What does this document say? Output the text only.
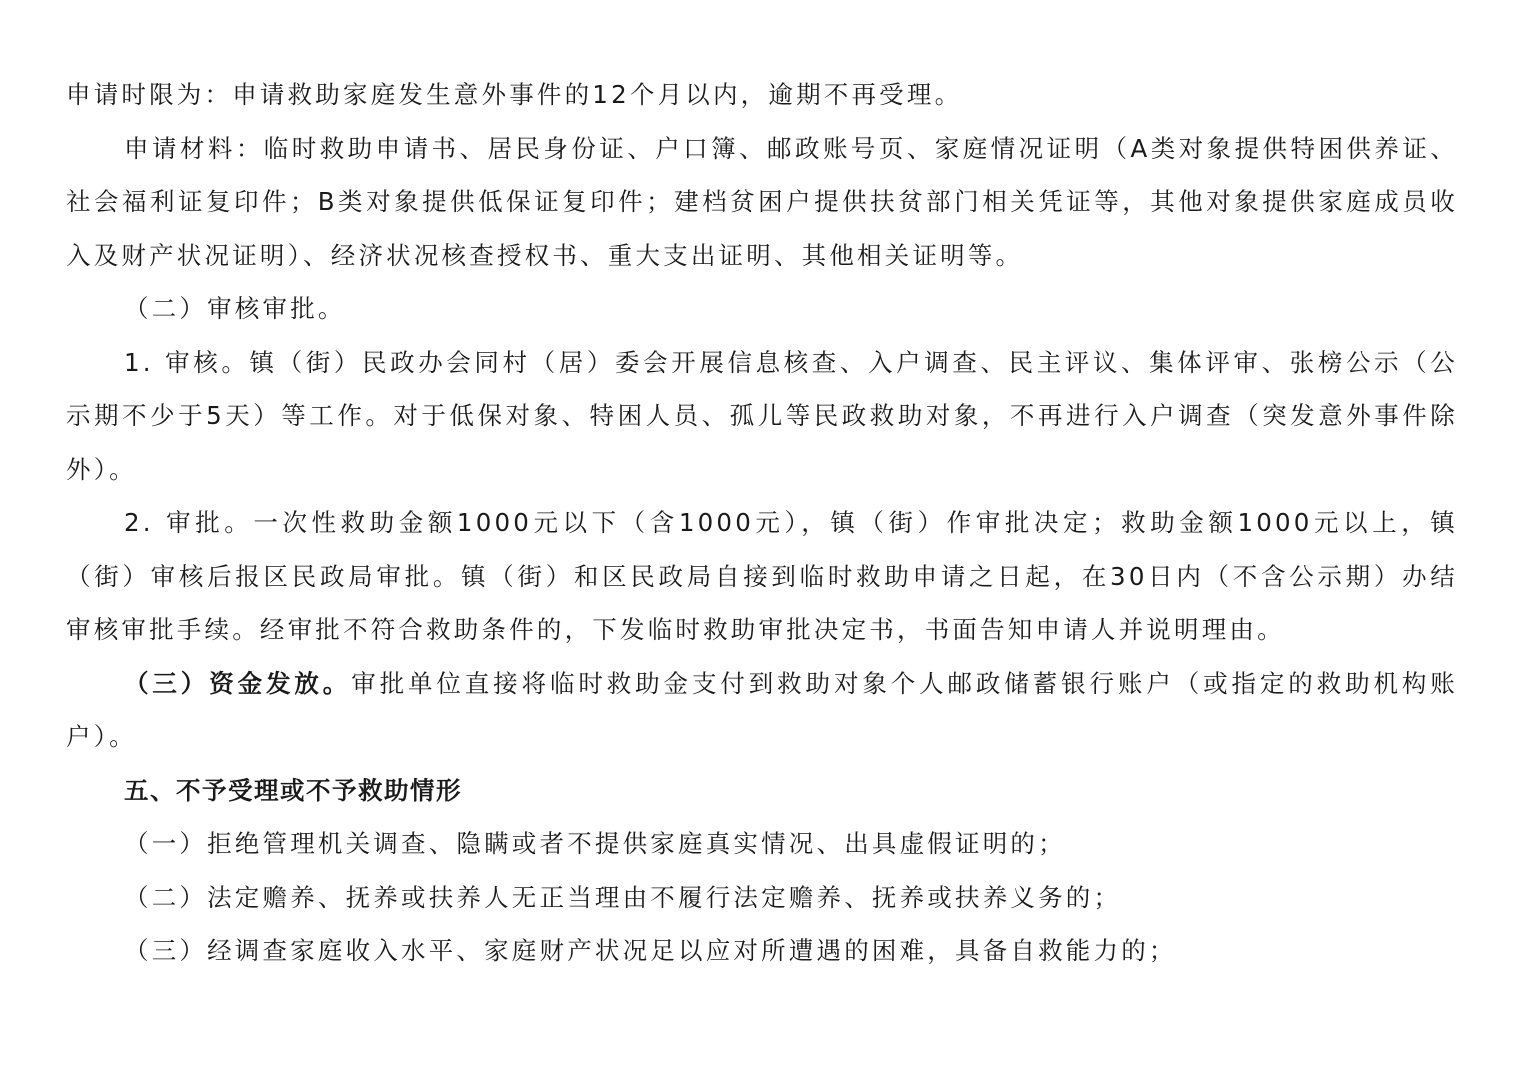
申请时限为：申请救助家庭发生意外事件的12个月以内，逾期不再受理。

申请材料：临时救助申请书、居民身份证、户口簿、邮政账号页、家庭情况证明（A类对象提供特困供养证、社会福利证复印件；B类对象提供低保证复印件；建档贫困户提供扶贫部门相关凭证等，其他对象提供家庭成员收入及财产状况证明）、经济状况核查授权书、重大支出证明、其他相关证明等。

（二）审核审批。

1. 审核。镇（街）民政办会同村（居）委会开展信息核查、入户调查、民主评议、集体评审、张榜公示（公示期不少于5天）等工作。对于低保对象、特困人员、孤儿等民政救助对象，不再进行入户调查（突发意外事件除外）。

2. 审批。一次性救助金额1000元以下（含1000元），镇（街）作审批决定；救助金额1000元以上，镇（街）审核后报区民政局审批。镇（街）和区民政局自接到临时救助申请之日起，在30日内（不含公示期）办结审核审批手续。经审批不符合救助条件的，下发临时救助审批决定书，书面告知申请人并说明理由。

（三）资金发放。审批单位直接将临时救助金支付到救助对象个人邮政储蓄银行账户（或指定的救助机构账户）。

五、不予受理或不予救助情形

（一）拒绝管理机关调查、隐瞒或者不提供家庭真实情况、出具虚假证明的；

（二）法定赡养、抚养或扶养人无正当理由不履行法定赡养、抚养或扶养义务的；

（三）经调查家庭收入水平、家庭财产状况足以应对所遭遇的困难，具备自救能力的；
